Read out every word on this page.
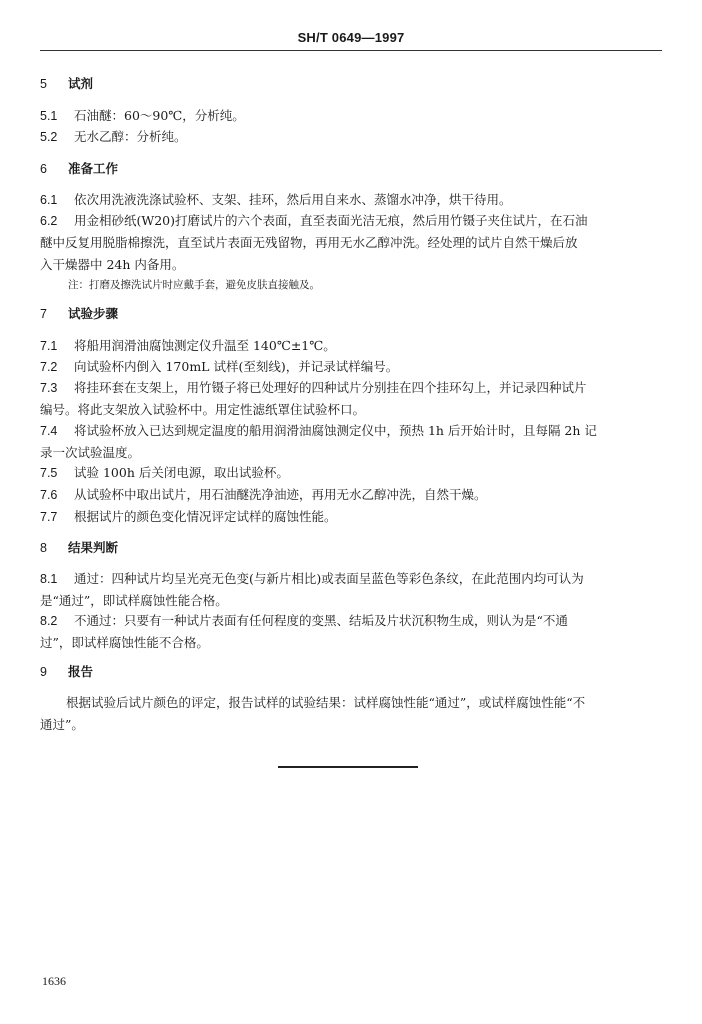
SH/T 0649—1997
5 试剂
5.1 石油醚：60～90℃，分析纯。
5.2 无水乙醇：分析纯。
6 准备工作
6.1 依次用洗液洗涤试验杯、支架、挂环，然后用自来水、蒸馏水冲净，烘干待用。
6.2 用金相砂纸(W20)打磨试片的六个表面，直至表面光洁无痕，然后用竹镊子夹住试片，在石油
醚中反复用脱脂棉擦洗，直至试片表面无残留物，再用无水乙醇冲洗。经处理的试片自然干燥后放
入干燥器中 24h 内备用。
注：打磨及擦洗试片时应戴手套，避免皮肤直接触及。
7 试验步骤
7.1 将船用润滑油腐蚀测定仪升温至 140℃±1℃。
7.2 向试验杯内倒入 170mL 试样(至刻线)，并记录试样编号。
7.3 将挂环套在支架上，用竹镊子将已处理好的四种试片分别挂在四个挂环勾上，并记录四种试片
编号。将此支架放入试验杯中。用定性滤纸罩住试验杯口。
7.4 将试验杯放入已达到规定温度的船用润滑油腐蚀测定仪中，预热 1h 后开始计时，且每隔 2h 记
录一次试验温度。
7.5 试验 100h 后关闭电源，取出试验杯。
7.6 从试验杯中取出试片，用石油醚洗净油迹，再用无水乙醇冲洗，自然干燥。
7.7 根据试片的颜色变化情况评定试样的腐蚀性能。
8 结果判断
8.1 通过：四种试片均呈光亮无色变(与新片相比)或表面呈蓝色等彩色条纹，在此范围内均可认为
是“通过”，即试样腐蚀性能合格。
8.2 不通过：只要有一种试片表面有任何程度的变黑、结垢及片状沉积物生成，则认为是“不通
过”，即试样腐蚀性能不合格。
9 报告
根据试验后试片颜色的评定，报告试样的试验结果：试样腐蚀性能“通过”，或试样腐蚀性能“不
通过”。
1636
